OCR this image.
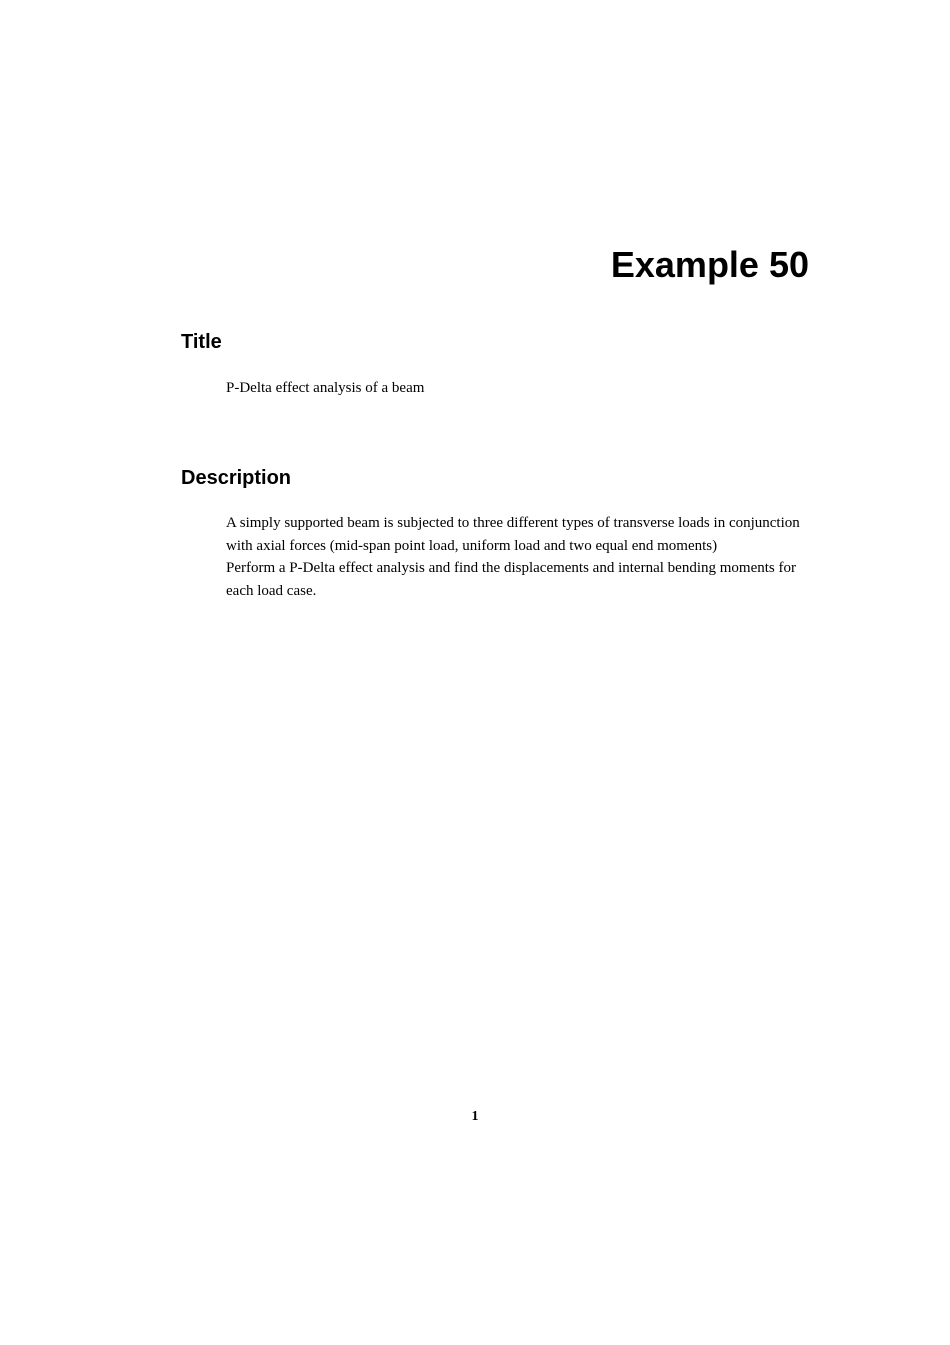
Example 50
Title

P-Delta effect analysis of a beam

Description

A simply supported beam is subjected to three different types of transverse loads in conjunction with axial forces (mid-span point load, uniform load and two equal end moments)

Perform a P-Delta effect analysis and find the displacements and internal bending moments for each load case.

1
